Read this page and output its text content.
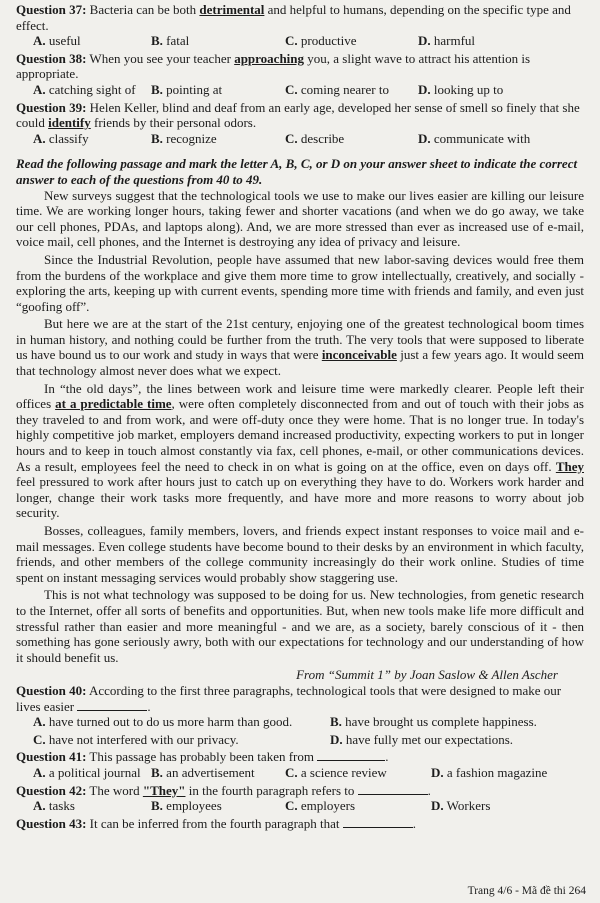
Question 37: Bacteria can be both detrimental and helpful to humans, depending on the specific type and effect.

A. useful	B. fatal	C. productive	D. harmful

Question 38: When you see your teacher approaching you, a slight wave to attract his attention is appropriate.

A. catching sight of	B. pointing at	C. coming nearer to	D. looking up to

Question 39: Helen Keller, blind and deaf from an early age, developed her sense of smell so finely that she could identify friends by their personal odors.

A. classify	B. recognize	C. describe	D. communicate with

Read the following passage and mark the letter A, B, C, or D on your answer sheet to indicate the correct answer to each of the questions from 40 to 49.

New surveys suggest that the technological tools we use to make our lives easier are killing our leisure time. We are working longer hours, taking fewer and shorter vacations (and when we do go away, we take our cell phones, PDAs, and laptops along). And, we are more stressed than ever as increased use of e-mail, voice mail, cell phones, and the Internet is destroying any idea of privacy and leisure.

Since the Industrial Revolution, people have assumed that new labor-saving devices would free them from the burdens of the workplace and give them more time to grow intellectually, creatively, and socially - exploring the arts, keeping up with current events, spending more time with friends and family, and even just “goofing off”.

But here we are at the start of the 21st century, enjoying one of the greatest technological boom times in human history, and nothing could be further from the truth. The very tools that were supposed to liberate us have bound us to our work and study in ways that were inconceivable just a few years ago. It would seem that technology almost never does what we expect.

In “the old days”, the lines between work and leisure time were markedly clearer. People left their offices at a predictable time, were often completely disconnected from and out of touch with their jobs as they traveled to and from work, and were off-duty once they were home. That is no longer true. In today's highly competitive job market, employers demand increased productivity, expecting workers to put in longer hours and to keep in touch almost constantly via fax, cell phones, e-mail, or other communications devices. As a result, employees feel the need to check in on what is going on at the office, even on days off. They feel pressured to work after hours just to catch up on everything they have to do. Workers work harder and longer, change their work tasks more frequently, and have more and more reasons to worry about job security.

Bosses, colleagues, family members, lovers, and friends expect instant responses to voice mail and e-mail messages. Even college students have become bound to their desks by an environment in which faculty, friends, and other members of the college community increasingly do their work online. Studies of time spent on instant messaging services would probably show staggering use.

This is not what technology was supposed to be doing for us. New technologies, from genetic research to the Internet, offer all sorts of benefits and opportunities. But, when new tools make life more difficult and stressful rather than easier and more meaningful - and we are, as a society, barely conscious of it - then something has gone seriously awry, both with our expectations for technology and our understanding of how it should benefit us.

From “Summit 1” by Joan Saslow & Allen Ascher

Question 40: According to the first three paragraphs, technological tools that were designed to make our lives easier	.

A. have turned out to do us more harm than good.	B. have brought us complete happiness.
C. have not interfered with our privacy.	D. have fully met our expectations.

Question 41: This passage has probably been taken from	.

A. a political journal B. an advertisement	C. a science review	D. a fashion magazine

Question 42: The word "They" in the fourth paragraph refers to	.

A. tasks	B. employees	C. employers	D. Workers

Question 43: It can be inferred from the fourth paragraph that	.

Trang 4/6 - Mã đề thi 264
